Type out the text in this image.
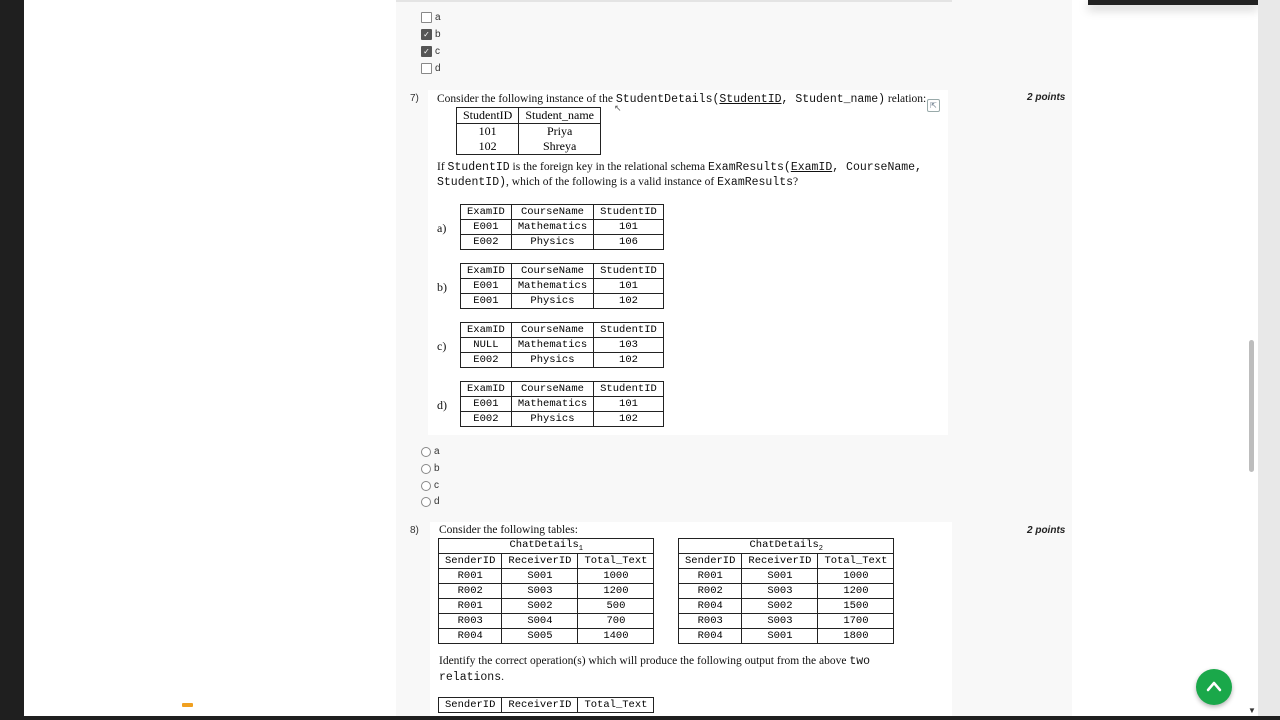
a
✓ b
✓ c
d
7)	2 points
Consider the following instance of the StudentDetails(StudentID, Student_name) relation:
⇱
↖
StudentID	Student_name
101	Priya
102	Shreya
If StudentID is the foreign key in the relational schema ExamResults(ExamID, CourseName,
StudentID), which of the following is a valid instance of ExamResults?
a)
ExamID	CourseName	StudentID
E001	Mathematics	101
E002	Physics	106
b)
ExamID	CourseName	StudentID
E001	Mathematics	101
E001	Physics	102
c)
ExamID	CourseName	StudentID
NULL	Mathematics	103
E002	Physics	102
d)
ExamID	CourseName	StudentID
E001	Mathematics	101
E002	Physics	102
a
b
c
d
8)	2 points
Consider the following tables:
ChatDetails$_1$
SenderID	ReceiverID	Total_Text
R001	S001	1000
R002	S003	1200
R001	S002	500
R003	S004	700
R004	S005	1400
ChatDetails$_2$
SenderID	ReceiverID	Total_Text
R001	S001	1000
R002	S003	1200
R004	S002	1500
R003	S003	1700
R004	S001	1800
Identify the correct operation(s) which will produce the following output from the above two
relations.
SenderID	ReceiverID	Total_Text	▼
